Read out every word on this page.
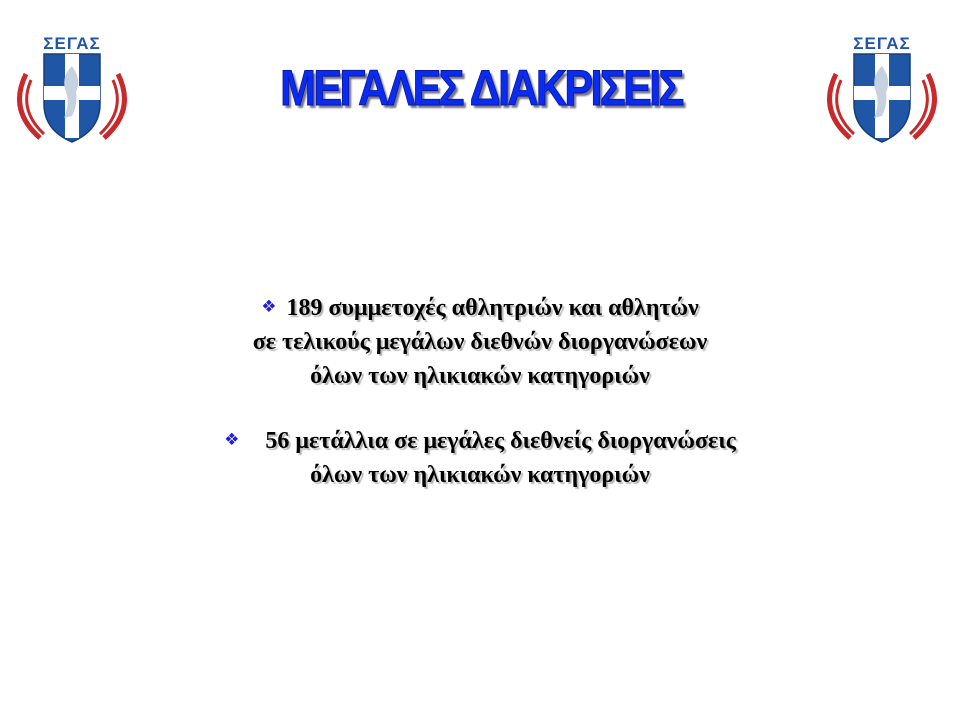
ΣΕΓΑΣ	ΣΕΓΑΣ
ΜΕΓΑΛΕΣ ΔΙΑΚΡΙΣΕΙΣ
❖ 189 συμμετοχές αθλητριών και αθλητών
σε τελικούς μεγάλων διεθνών διοργανώσεων
όλων των ηλικιακών κατηγοριών
❖ 56 μετάλλια σε μεγάλες διεθνείς διοργανώσεις
όλων των ηλικιακών κατηγοριών
